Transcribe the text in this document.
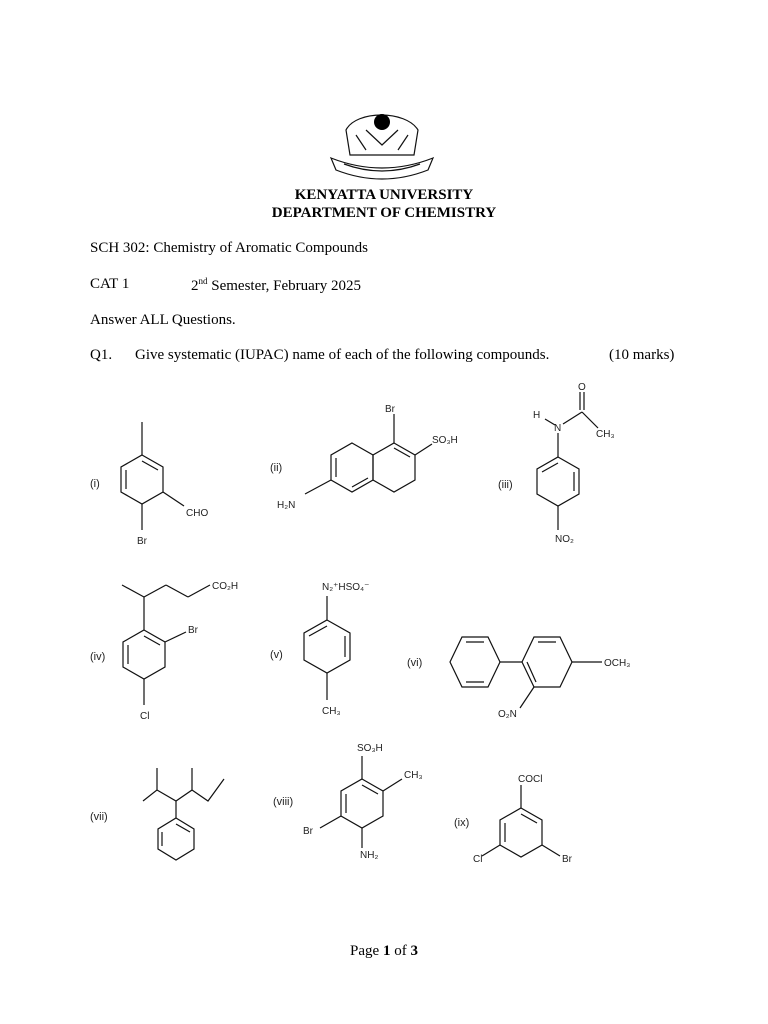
KENYATTA UNIVERSITY
DEPARTMENT OF CHEMISTRY
SCH 302: Chemistry of Aromatic Compounds
CAT 1	2nd Semester, February 2025
Answer ALL Questions.
Q1. Give systematic (IUPAC) name of each of the following compounds.	(10 marks)
(i)
CHO
Br
(ii)
Br
SO₃H
H₂N
(iii)
O
H
N
CH₃
NO₂
(iv)
CO₂H
Br
Cl
(v)
N₂⁺HSO₄⁻
CH₃
(vi)	OCH₃
O₂N
(vii)
(viii)
SO₃H
CH₃
Br
NH₂
(ix)
COCl
Cl	Br
Page 1 of 3
